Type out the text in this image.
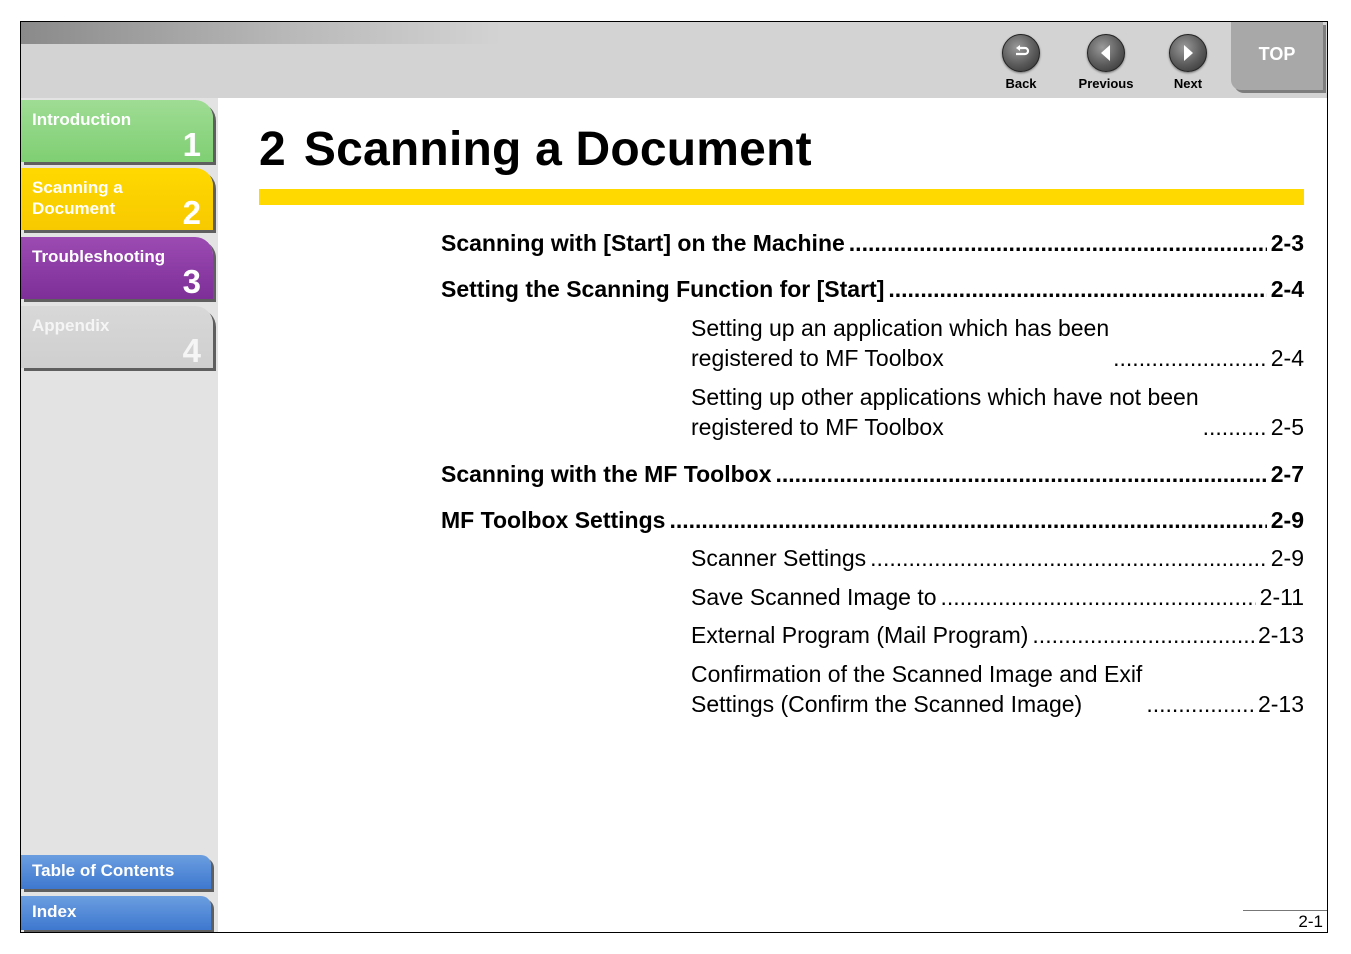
Back	Previous	Next
TOP
Introduction
1
Scanning a
Document 2
Troubleshooting
3
Appendix
4
Table of Contents
Index
2 Scanning a Document
Scanning with [Start] on the Machine .....	2-3
Setting the Scanning Function for [Start] .....	2-4
Setting up an application which has been
registered to MF Toolbox .....	2-4
Setting up other applications which have not been
registered to MF Toolbox .....	2-5
Scanning with the MF Toolbox .....	2-7
MF Toolbox Settings .....	2-9
Scanner Settings .....	2-9
Save Scanned Image to .....	2-11
External Program (Mail Program) .....	2-13
Confirmation of the Scanned Image and Exif
Settings (Confirm the Scanned Image) .....	2-13
2-1
